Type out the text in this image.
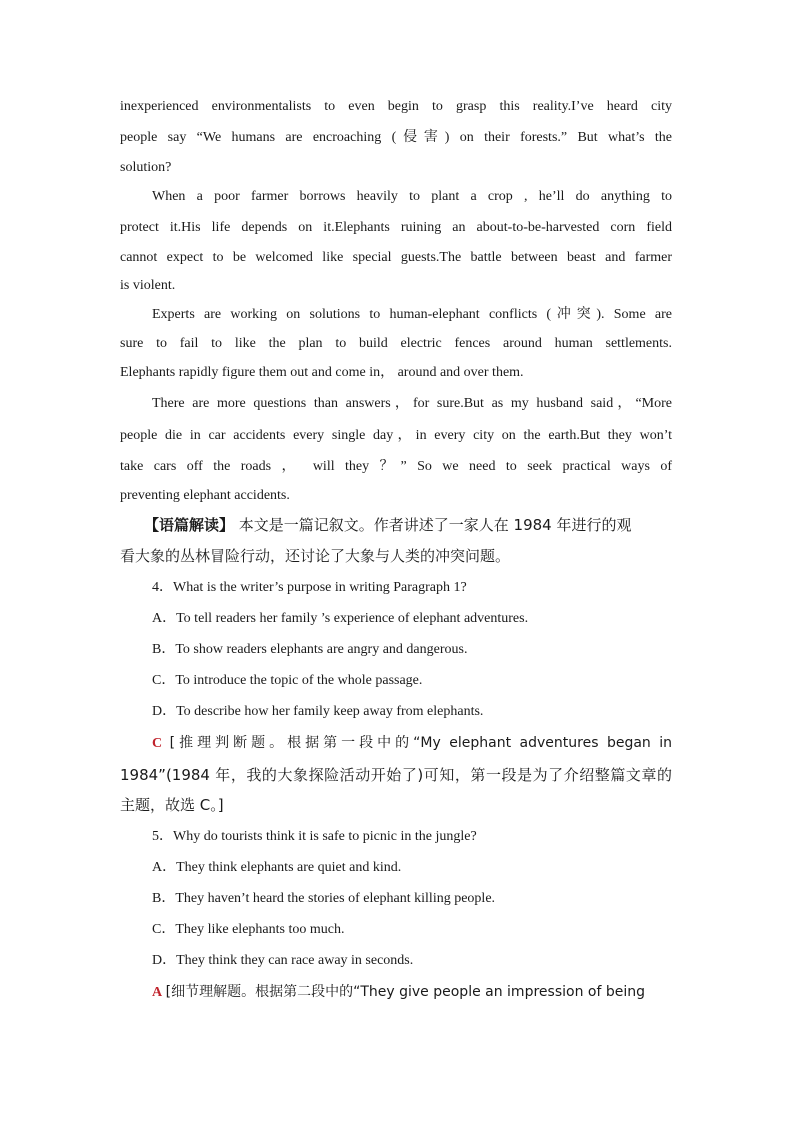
inexperienced environmentalists to even begin to grasp this reality.I’ve heard city
people say “We humans are encroaching (侵害) on their forests.” But what’s the
solution?
When a poor farmer borrows heavily to plant a crop , he’ll do anything to
protect it.His life depends on it.Elephants ruining an about-to-be-harvested corn field
cannot expect to be welcomed like special guests.The battle between beast and farmer
is violent.
Experts are working on solutions to human-elephant conflicts (冲突). Some are
sure to fail to like the plan to build electric fences around human settlements.
Elephants rapidly figure them out and come in， around and over them.
There are more questions than answers，for sure.But as my husband said，“More
people die in car accidents every single day，in every city on the earth.But they won’t
take cars off the roads ， will they ？” So we need to seek practical ways of
preventing elephant accidents.
【语篇解读】 本文是一篇记叙文。作者讲述了一家人在 1984 年进行的观
看大象的丛林冒险行动，还讨论了大象与人类的冲突问题。
4．What is the writer’s purpose in writing Paragraph 1?
A．To tell readers her family ’s experience of elephant adventures.
B．To show readers elephants are angry and dangerous.
C．To introduce the topic of the whole passage.
D．To describe how her family keep away from elephants.
C [推理判断题。根据第一段中的“My elephant adventures began in
1984”(1984 年，我的大象探险活动开始了)可知，第一段是为了介绍整篇文章的
主题，故选 C。]
5．Why do tourists think it is safe to picnic in the jungle?
A．They think elephants are quiet and kind.
B．They haven’t heard the stories of elephant killing people.
C．They like elephants too much.
D．They think they can race away in seconds.
A [细节理解题。根据第二段中的“They give people an impression of being
